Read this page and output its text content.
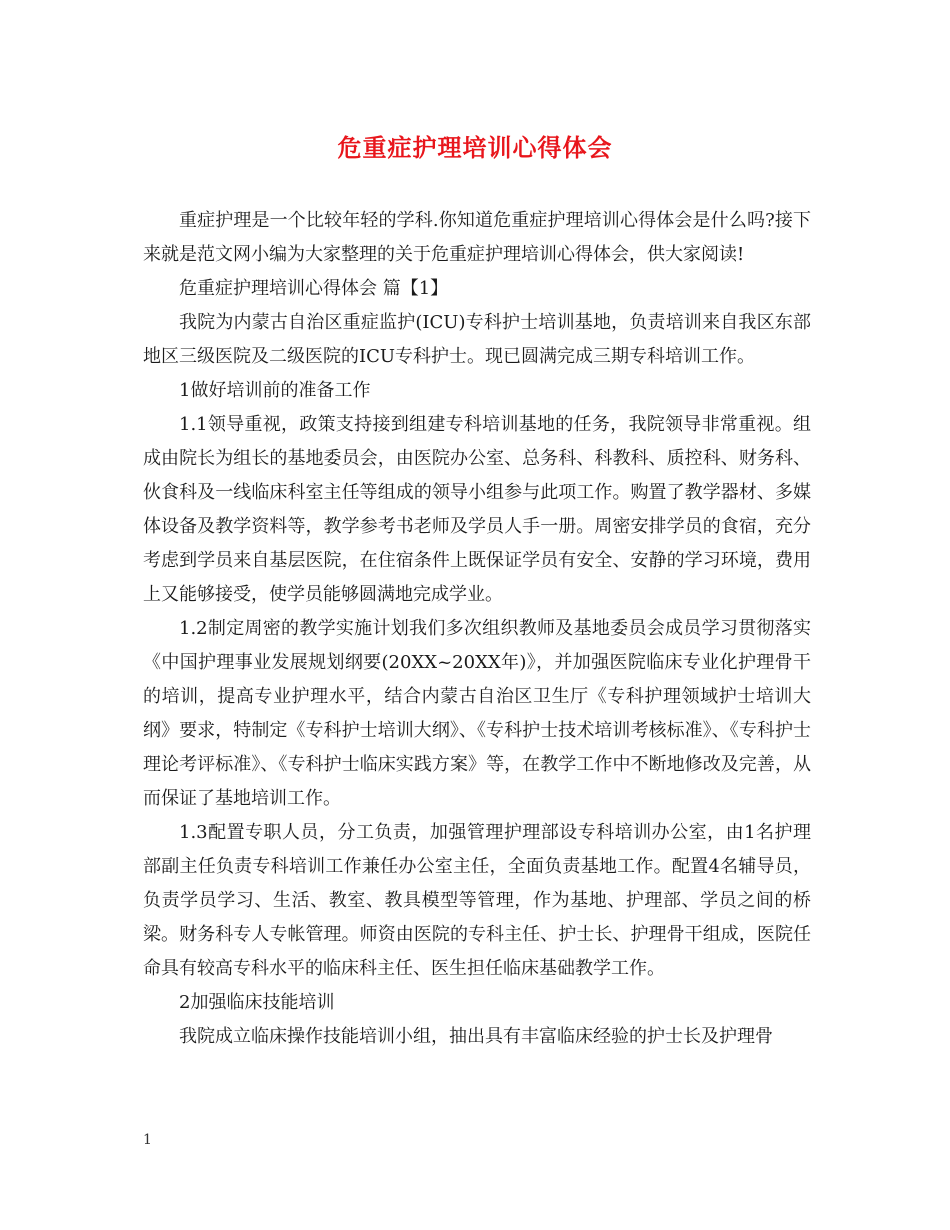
危重症护理培训心得体会

重症护理是一个比较年轻的学科.你知道危重症护理培训心得体会是什么吗?接下来就是范文网小编为大家整理的关于危重症护理培训心得体会，供大家阅读!

危重症护理培训心得体会 篇【1】

我院为内蒙古自治区重症监护(ICU)专科护士培训基地，负责培训来自我区东部地区三级医院及二级医院的ICU专科护士。现已圆满完成三期专科培训工作。

1做好培训前的准备工作

1.1领导重视，政策支持接到组建专科培训基地的任务，我院领导非常重视。组成由院长为组长的基地委员会，由医院办公室、总务科、科教科、质控科、财务科、伙食科及一线临床科室主任等组成的领导小组参与此项工作。购置了教学器材、多媒体设备及教学资料等，教学参考书老师及学员人手一册。周密安排学员的食宿，充分考虑到学员来自基层医院，在住宿条件上既保证学员有安全、安静的学习环境，费用上又能够接受，使学员能够圆满地完成学业。

1.2制定周密的教学实施计划我们多次组织教师及基地委员会成员学习贯彻落实《中国护理事业发展规划纲要(20XX~20XX年)》，并加强医院临床专业化护理骨干的培训，提高专业护理水平，结合内蒙古自治区卫生厅《专科护理领域护士培训大纲》要求，特制定《专科护士培训大纲》、《专科护士技术培训考核标准》、《专科护士理论考评标准》、《专科护士临床实践方案》等，在教学工作中不断地修改及完善，从而保证了基地培训工作。

1.3配置专职人员，分工负责，加强管理护理部设专科培训办公室，由1名护理部副主任负责专科培训工作兼任办公室主任，全面负责基地工作。配置4名辅导员，负责学员学习、生活、教室、教具模型等管理，作为基地、护理部、学员之间的桥梁。财务科专人专帐管理。师资由医院的专科主任、护士长、护理骨干组成，医院任命具有较高专科水平的临床科主任、医生担任临床基础教学工作。

2加强临床技能培训

我院成立临床操作技能培训小组，抽出具有丰富临床经验的护士长及护理骨

1
